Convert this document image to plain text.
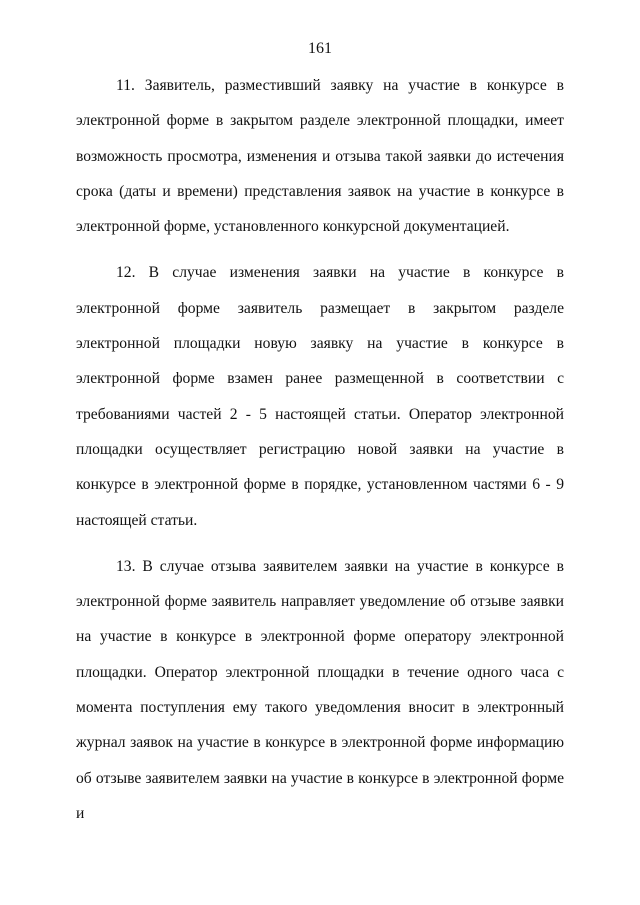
161

11. Заявитель, разместивший заявку на участие в конкурсе в электронной форме в закрытом разделе электронной площадки, имеет возможность просмотра, изменения и отзыва такой заявки до истечения срока (даты и времени) представления заявок на участие в конкурсе в электронной форме, установленного конкурсной документацией.

12. В случае изменения заявки на участие в конкурсе в электронной форме заявитель размещает в закрытом разделе электронной площадки новую заявку на участие в конкурсе в электронной форме взамен ранее размещенной в соответствии с требованиями частей 2 - 5 настоящей статьи. Оператор электронной площадки осуществляет регистрацию новой заявки на участие в конкурсе в электронной форме в порядке, установленном частями 6 - 9 настоящей статьи.

13. В случае отзыва заявителем заявки на участие в конкурсе в электронной форме заявитель направляет уведомление об отзыве заявки на участие в конкурсе в электронной форме оператору электронной площадки. Оператор электронной площадки в течение одного часа с момента поступления ему такого уведомления вносит в электронный журнал заявок на участие в конкурсе в электронной форме информацию об отзыве заявителем заявки на участие в конкурсе в электронной форме и
